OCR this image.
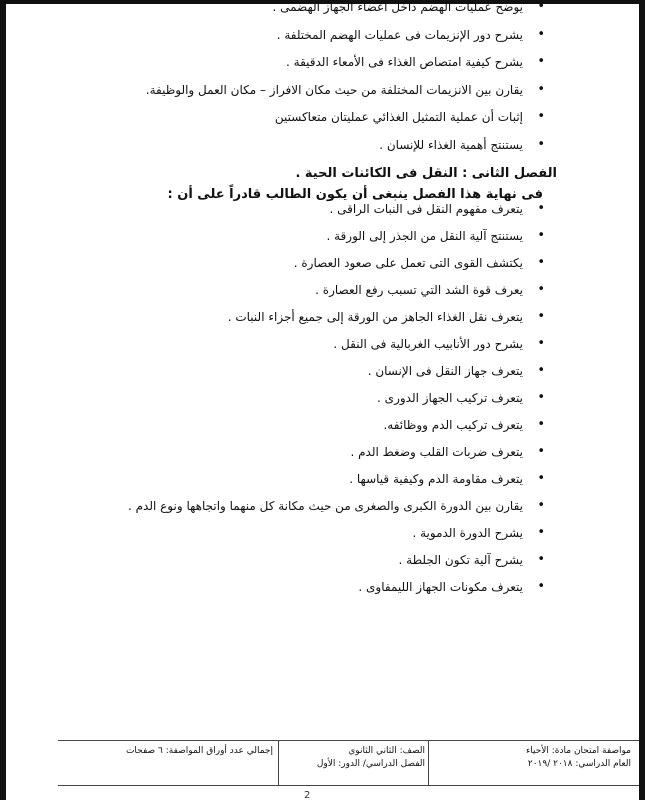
•
يوضح عمليات الهضم داخل أعضاء الجهاز الهضمى .
•
يشرح دور الإنزيمات فى عمليات الهضم المختلفة .
•
يشرح كيفية امتصاص الغذاء فى الأمعاء الدقيقة .
•
يقارن بين الانزيمات المختلفة من حيث مكان الافراز – مكان العمل والوظيفة.
•
إثبات أن عملية التمثيل الغذائي عمليتان متعاكستين
•
يستنتج أهمية الغذاء للإنسان .
الفصل الثانى : النقل فى الكائنات الحية .
فى نهاية هذا الفصل ينبغى أن يكون الطالب قادراً على أن :
•
يتعرف مفهوم النقل فى النبات الراقى .
•
يستنتج آلية النقل من الجذر إلى الورقة .
•
يكتشف القوى التى تعمل على صعود العصارة .
•
يعرف قوة الشد التي تسبب رفع العصارة .
•
يتعرف نقل الغذاء الجاهز من الورقة إلى جميع أجزاء النبات .
•
يشرح دور الأنابيب الغربالية فى النقل .
•
يتعرف جهاز النقل فى الإنسان .
•
يتعرف تركيب الجهاز الدورى .
•
يتعرف تركيب الدم ووظائفه.
•
يتعرف ضربات القلب وضغط الدم .
•
يتعرف مقاومة الدم وكيفية قياسها .
•
يقارن بين الدورة الكبرى والصغرى من حيث مكانة كل منهما واتجاهها ونوع الدم .
•
يشرح الدورة الدموية .
•
يشرح آلية تكون الجلطة .
•
يتعرف مكونات الجهاز الليمفاوى .
مواصفة امتحان مادة: الأحياء
العام الدراسي: ٢٠١٨ /٢٠١٩
الصف: الثاني الثانوي
الفصل الدراسي/ الدور: الأول
إجمالي عدد أوراق المواصفة: ٦ صفحات
2
